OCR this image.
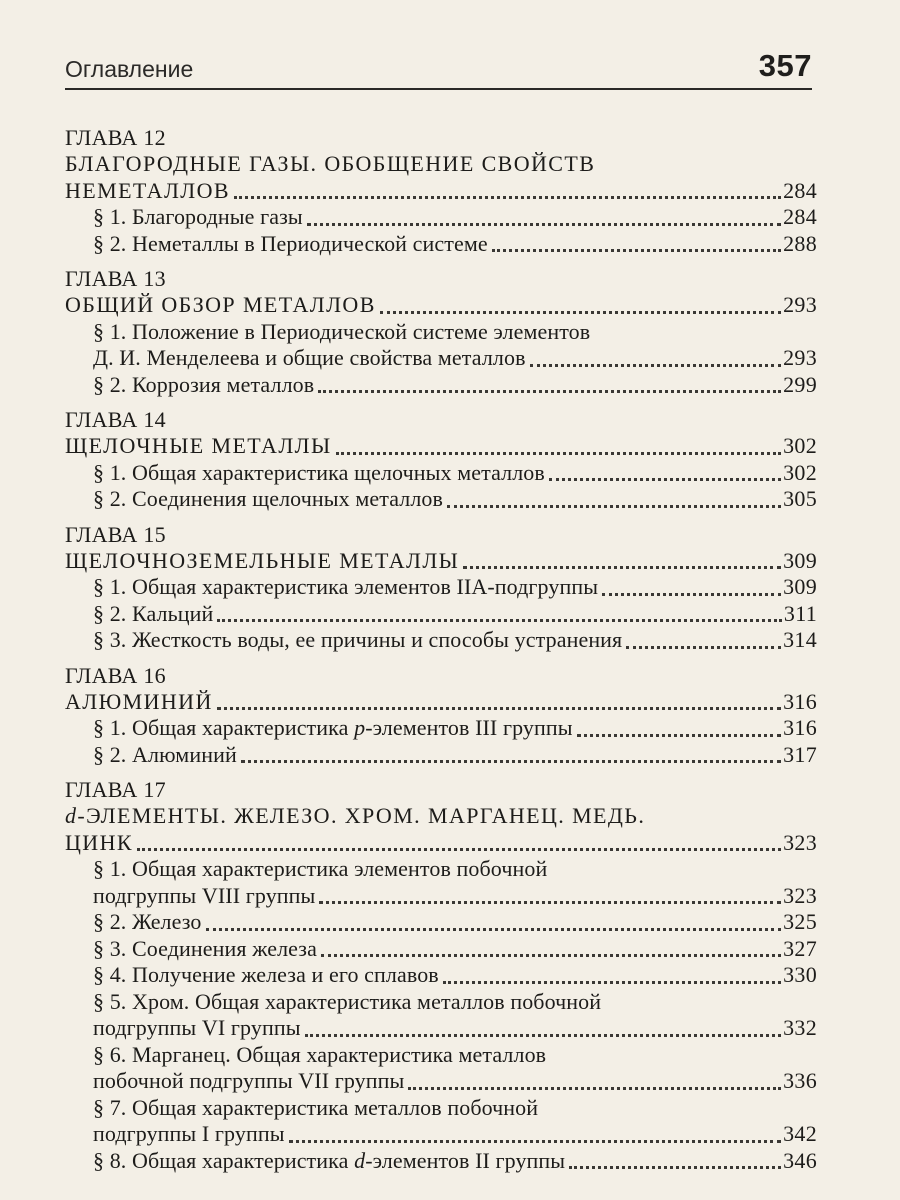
Оглавление	357
ГЛАВА 12
БЛАГОРОДНЫЕ ГАЗЫ. ОБОБЩЕНИЕ СВОЙСТВ
НЕМЕТАЛЛОВ	284
§ 1. Благородные газы	284
§ 2. Неметаллы в Периодической системе	288
ГЛАВА 13
ОБЩИЙ ОБЗОР МЕТАЛЛОВ	293
§ 1. Положение в Периодической системе элементов
Д. И. Менделеева и общие свойства металлов	293
§ 2. Коррозия металлов	299
ГЛАВА 14
ЩЕЛОЧНЫЕ МЕТАЛЛЫ	302
§ 1. Общая характеристика щелочных металлов	302
§ 2. Соединения щелочных металлов	305
ГЛАВА 15
ЩЕЛОЧНОЗЕМЕЛЬНЫЕ МЕТАЛЛЫ	309
§ 1. Общая характеристика элементов IIA-подгруппы	309
§ 2. Кальций	311
§ 3. Жесткость воды, ее причины и способы устранения	314
ГЛАВА 16
АЛЮМИНИЙ	316
§ 1. Общая характеристика p-элементов III группы	316
§ 2. Алюминий	317
ГЛАВА 17
d-ЭЛЕМЕНТЫ. ЖЕЛЕЗО. ХРОМ. МАРГАНЕЦ. МЕДЬ.
ЦИНК	323
§ 1. Общая характеристика элементов побочной
подгруппы VIII группы	323
§ 2. Железо	325
§ 3. Соединения железа	327
§ 4. Получение железа и его сплавов	330
§ 5. Хром. Общая характеристика металлов побочной
подгруппы VI группы	332
§ 6. Марганец. Общая характеристика металлов
побочной подгруппы VII группы	336
§ 7. Общая характеристика металлов побочной
подгруппы I группы	342
§ 8. Общая характеристика d-элементов II группы	346
